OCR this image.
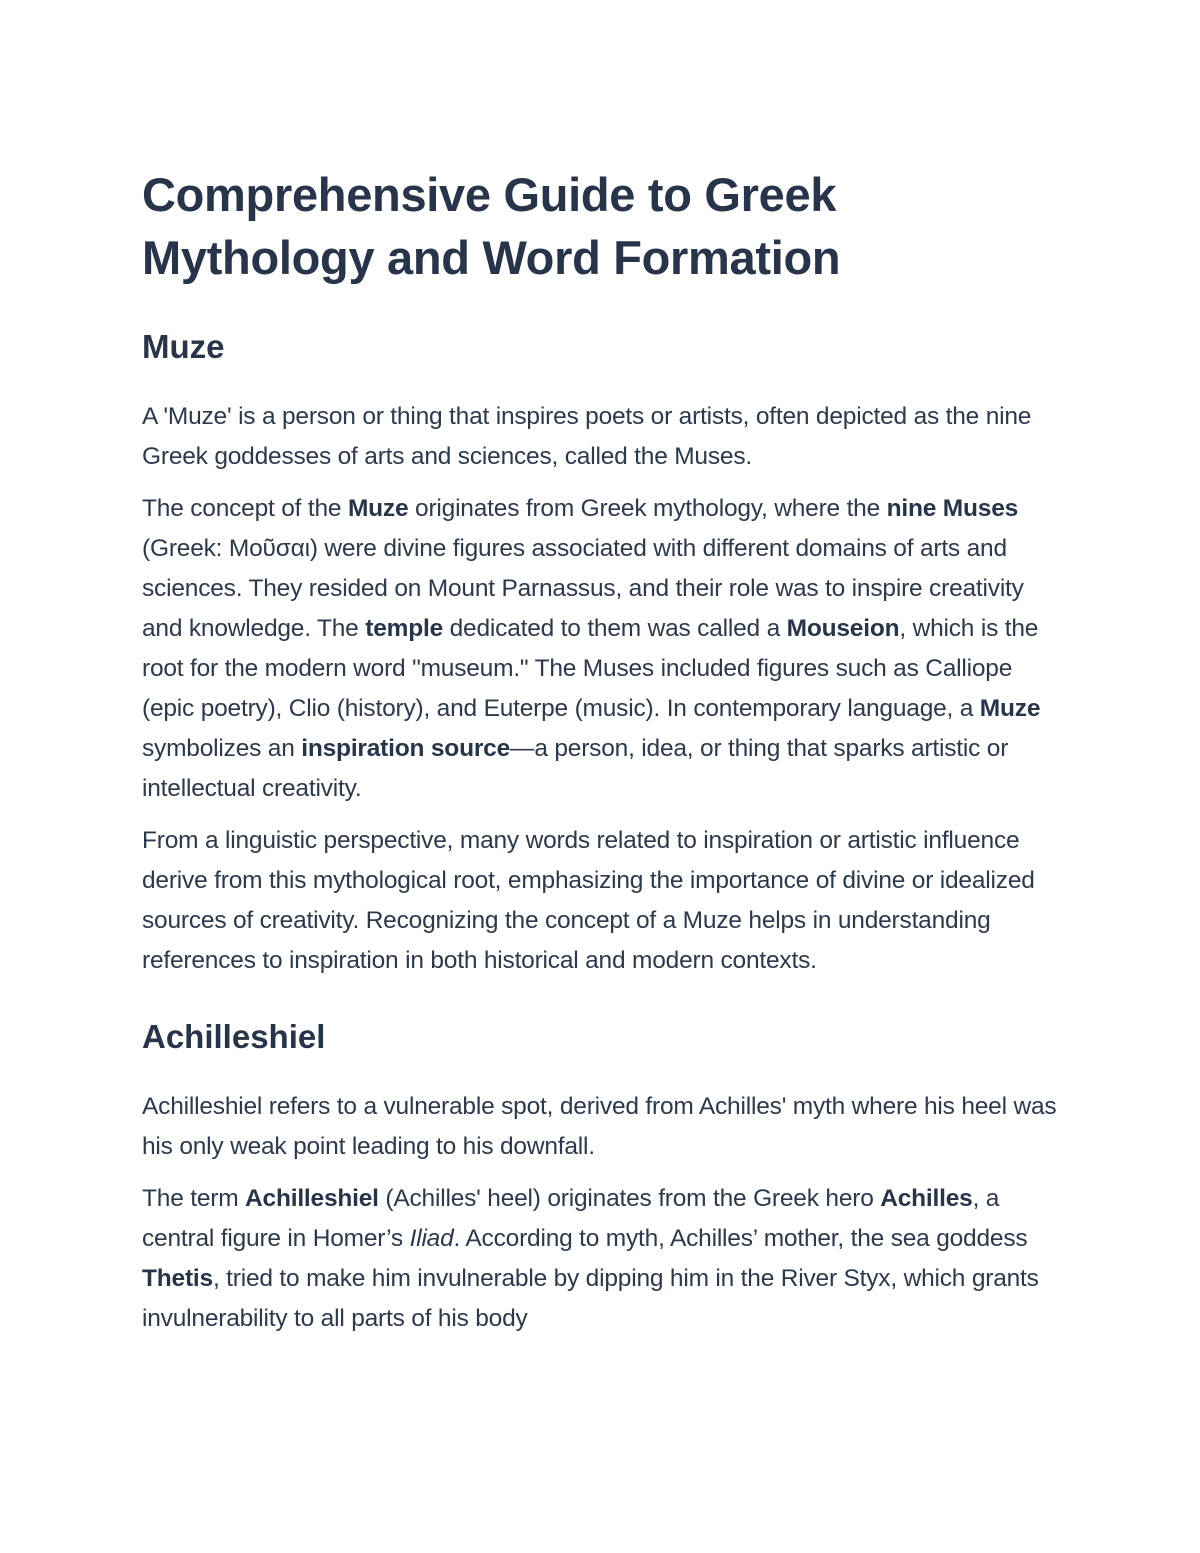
Comprehensive Guide to Greek Mythology and Word Formation
Muze

A 'Muze' is a person or thing that inspires poets or artists, often depicted as the nine Greek goddesses of arts and sciences, called the Muses.

The concept of the Muze originates from Greek mythology, where the nine Muses (Greek: Μοῦσαι) were divine figures associated with different domains of arts and sciences. They resided on Mount Parnassus, and their role was to inspire creativity and knowledge. The temple dedicated to them was called a Mouseion, which is the root for the modern word "museum." The Muses included figures such as Calliope (epic poetry), Clio (history), and Euterpe (music). In contemporary language, a Muze symbolizes an inspiration source—a person, idea, or thing that sparks artistic or intellectual creativity.

From a linguistic perspective, many words related to inspiration or artistic influence derive from this mythological root, emphasizing the importance of divine or idealized sources of creativity. Recognizing the concept of a Muze helps in understanding references to inspiration in both historical and modern contexts.

Achilleshiel

Achilleshiel refers to a vulnerable spot, derived from Achilles' myth where his heel was his only weak point leading to his downfall.

The term Achilleshiel (Achilles' heel) originates from the Greek hero Achilles, a central figure in Homer’s Iliad. According to myth, Achilles’ mother, the sea goddess Thetis, tried to make him invulnerable by dipping him in the River Styx, which grants invulnerability to all parts of his body
